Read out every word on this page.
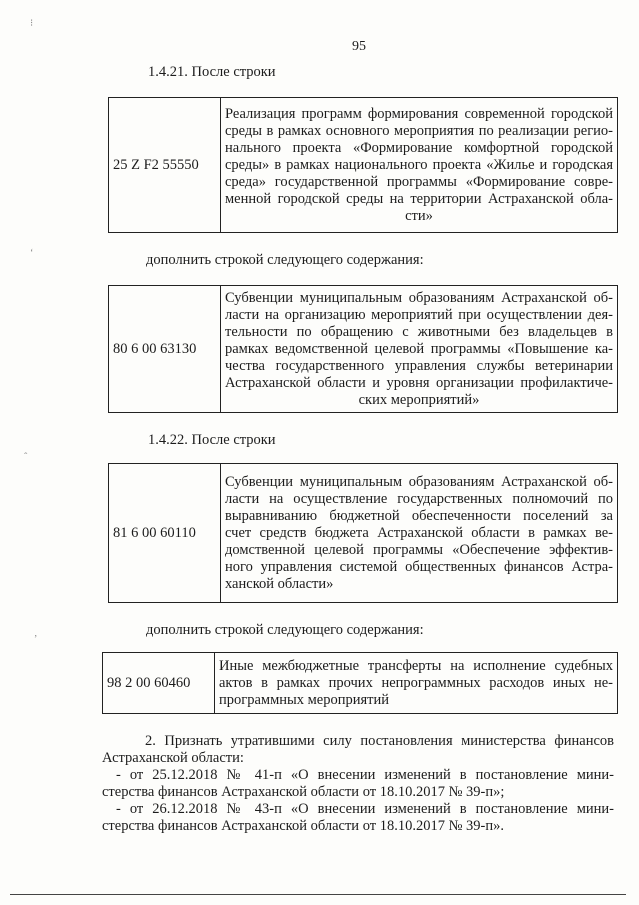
⁝
ʻ
ˆ
‚
95
1.4.21. После строки
25 Z F2 55550	
Реализация программ формирования современной городской
среды в рамках основного мероприятия по реализации регио-
нального проекта «Формирование комфортной городской
среды» в рамках национального проекта «Жилье и городская
среда» государственной программы «Формирование совре-
менной городской среды на территории Астраханской обла-
сти»
дополнить строкой следующего содержания:
80 6 00 63130	
Субвенции муниципальным образованиям Астраханской об-
ласти на организацию мероприятий при осуществлении дея-
тельности по обращению с животными без владельцев в
рамках ведомственной целевой программы «Повышение ка-
чества государственного управления службы ветеринарии
Астраханской области и уровня организации профилактиче-
ских мероприятий»
1.4.22. После строки
81 6 00 60110	
Субвенции муниципальным образованиям Астраханской об-
ласти на осуществление государственных полномочий по
выравниванию бюджетной обеспеченности поселений за
счет средств бюджета Астраханской области в рамках ве-
домственной целевой программы «Обеспечение эффектив-
ного управления системой общественных финансов Астра-
ханской области»
дополнить строкой следующего содержания:
98 2 00 60460	
Иные межбюджетные трансферты на исполнение судебных
актов в рамках прочих непрограммных расходов иных не-
программных мероприятий
2. Признать утратившими силу постановления министерства финансов
Астраханской области:
- от 25.12.2018 № 41-п «О внесении изменений в постановление мини-
стерства финансов Астраханской области от 18.10.2017 № 39-п»;
- от 26.12.2018 № 43-п «О внесении изменений в постановление мини-
стерства финансов Астраханской области от 18.10.2017 № 39-п».
